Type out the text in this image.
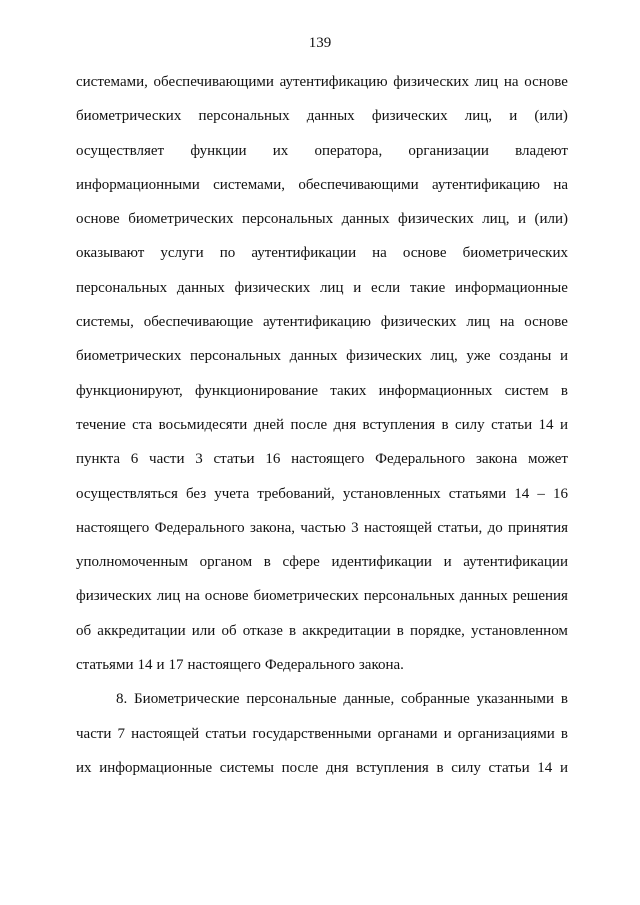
139
системами, обеспечивающими аутентификацию физических лиц на основе
биометрических персональных данных физических лиц, и (или)
осуществляет функции их оператора, организации владеют
информационными системами, обеспечивающими аутентификацию на
основе биометрических персональных данных физических лиц, и (или)
оказывают услуги по аутентификации на основе биометрических
персональных данных физических лиц и если такие информационные
системы, обеспечивающие аутентификацию физических лиц на основе
биометрических персональных данных физических лиц, уже созданы и
функционируют, функционирование таких информационных систем в
течение ста восьмидесяти дней после дня вступления в силу статьи 14 и
пункта 6 части 3 статьи 16 настоящего Федерального закона может
осуществляться без учета требований, установленных статьями 14 – 16
настоящего Федерального закона, частью 3 настоящей статьи, до принятия
уполномоченным органом в сфере идентификации и аутентификации
физических лиц на основе биометрических персональных данных решения
об аккредитации или об отказе в аккредитации в порядке, установленном
статьями 14 и 17 настоящего Федерального закона.
8. Биометрические персональные данные, собранные указанными в
части 7 настоящей статьи государственными органами и организациями в
их информационные системы после дня вступления в силу статьи 14 и
